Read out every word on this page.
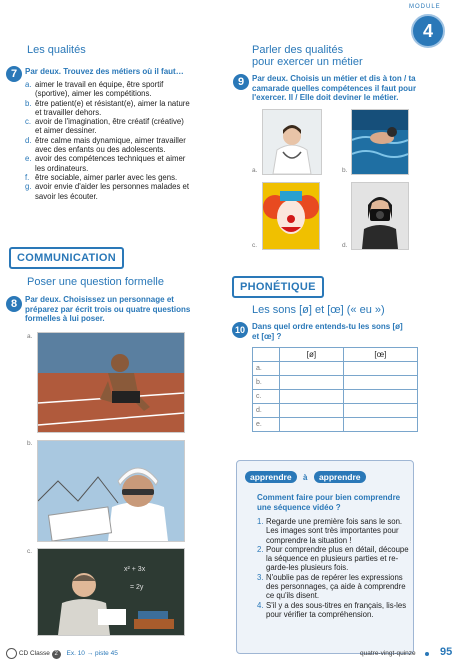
MODULE
4
Les qualités
7 Par deux. Trouvez des métiers où il faut…
a. aimer le travail en équipe, être sportif
(sportive), aimer les compétitions.
b. être patient(e) et résistant(e), aimer la nature
et travailler dehors.
c. avoir de l'imagination, être créatif (créative)
et aimer dessiner.
d. être calme mais dynamique, aimer travailler
avec des enfants ou des adolescents.
e. avoir des compétences techniques et aimer
les ordinateurs.
f. être sociable, aimer parler avec les gens.
g. avoir envie d'aider les personnes malades et
savoir les écouter.
Parler des qualités
pour exercer un métier
9 Par deux. Choisis un métier et dis à ton / ta
camarade quelles compétences il faut pour
l'exercer. Il / Elle doit deviner le métier.
a.	b.
c.	d.
COMMUNICATION
Poser une question formelle
8 Par deux. Choisissez un personnage et
préparez par écrit trois ou quatre questions
formelles à lui poser.
a.
b.
x² + 3x
= 2y
c.
PHONÉTIQUE
Les sons [ø] et [œ] (« eu »)
10 Dans quel ordre entends-tu les sons [ø]
et [œ] ?
	[ø]	[œ]
a.		
b.		
c.		
d.		
e.		
apprendre à apprendre
Comment faire pour bien comprendre
une séquence vidéo ?
1. Regarde une première fois sans le son.
Les images sont très importantes pour
comprendre la situation !
2. Pour comprendre plus en détail, découpe
la séquence en plusieurs parties et re-
garde-les plusieurs fois.
3. N'oublie pas de repérer les expressions
des personnages, ça aide à comprendre
ce qu'ils disent.
4. S'il y a des sous-titres en français, lis-les
pour vérifier ta compréhension.
CD Classe 2 Ex. 10 → piste 45	quatre-vingt-quinze 95
